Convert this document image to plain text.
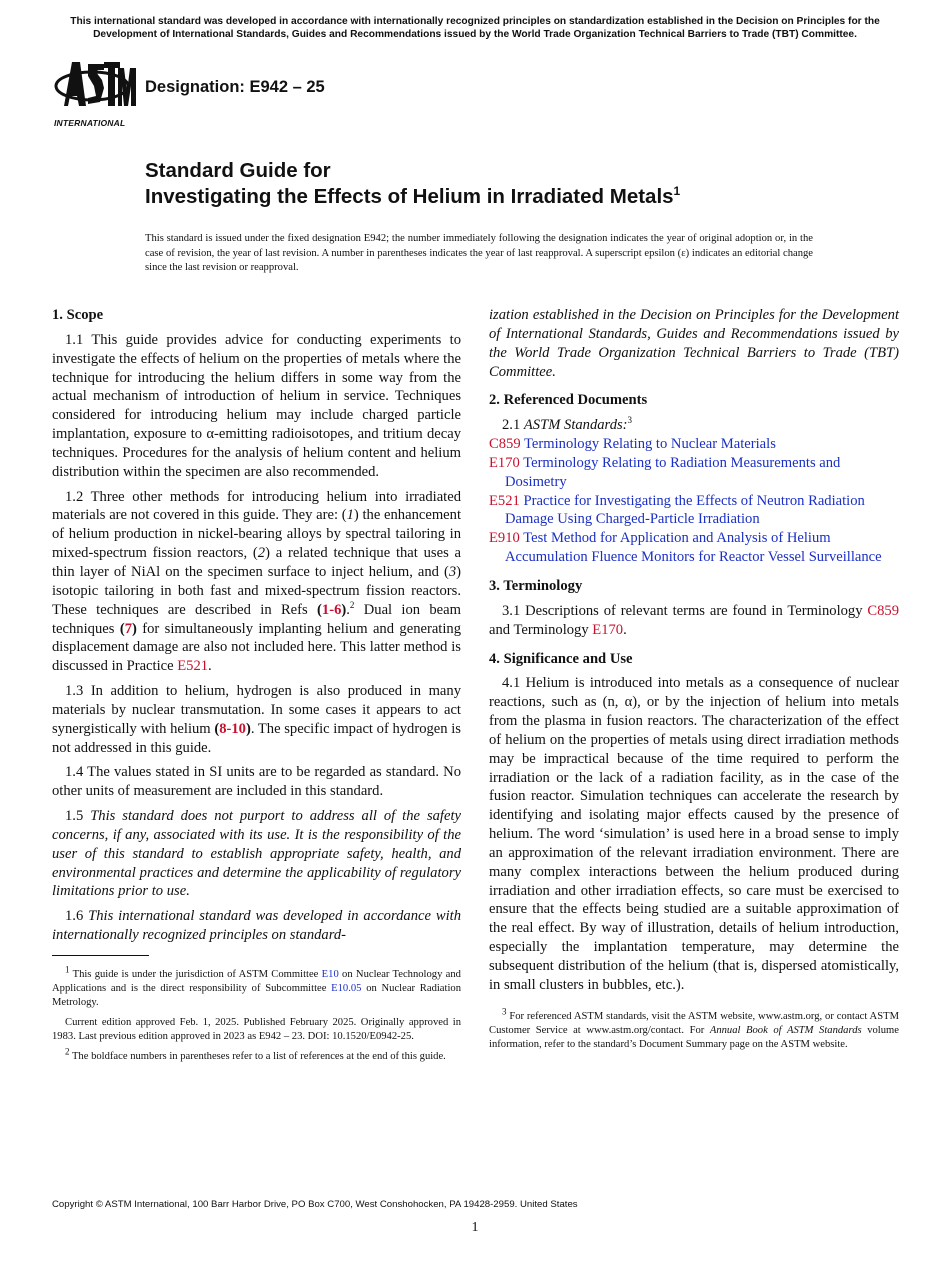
This international standard was developed in accordance with internationally recognized principles on standardization established in the Decision on Principles for the Development of International Standards, Guides and Recommendations issued by the World Trade Organization Technical Barriers to Trade (TBT) Committee.
INTERNATIONAL
Designation: E942 – 25
Standard Guide for
Investigating the Effects of Helium in Irradiated Metals$^1$
This standard is issued under the fixed designation E942; the number immediately following the designation indicates the year of original adoption or, in the case of revision, the year of last revision. A number in parentheses indicates the year of last reapproval. A superscript epsilon (ε) indicates an editorial change since the last revision or reapproval.
1. Scope

1.1 This guide provides advice for conducting experiments to investigate the effects of helium on the properties of metals where the technique for introducing the helium differs in some way from the actual mechanism of introduction of helium in service. Techniques considered for introducing helium may include charged particle implantation, exposure to α-emitting radioisotopes, and tritium decay techniques. Procedures for the analysis of helium content and helium distribution within the specimen are also recommended.

1.2 Three other methods for introducing helium into irradiated materials are not covered in this guide. They are: (1) the enhancement of helium production in nickel-bearing alloys by spectral tailoring in mixed-spectrum fission reactors, (2) a related technique that uses a thin layer of NiAl on the specimen surface to inject helium, and (3) isotopic tailoring in both fast and mixed-spectrum fission reactors. These techniques are described in Refs (1-6).$^2$ Dual ion beam techniques (7) for simultaneously implanting helium and generating displacement damage are also not included here. This latter method is discussed in Practice E521.

1.3 In addition to helium, hydrogen is also produced in many materials by nuclear transmutation. In some cases it appears to act synergistically with helium (8-10). The specific impact of hydrogen is not addressed in this guide.

1.4 The values stated in SI units are to be regarded as standard. No other units of measurement are included in this standard.

1.5 This standard does not purport to address all of the safety concerns, if any, associated with its use. It is the responsibility of the user of this standard to establish appropriate safety, health, and environmental practices and determine the applicability of regulatory limitations prior to use.

1.6 This international standard was developed in accordance with internationally recognized principles on standard-

$^1$ This guide is under the jurisdiction of ASTM Committee E10 on Nuclear Technology and Applications and is the direct responsibility of Subcommittee E10.05 on Nuclear Radiation Metrology.

Current edition approved Feb. 1, 2025. Published February 2025. Originally approved in 1983. Last previous edition approved in 2023 as E942 – 23. DOI: 10.1520/E0942-25.

$^2$ The boldface numbers in parentheses refer to a list of references at the end of this guide.

ization established in the Decision on Principles for the Development of International Standards, Guides and Recommendations issued by the World Trade Organization Technical Barriers to Trade (TBT) Committee.

2. Referenced Documents

2.1 ASTM Standards:$^3$

C859 Terminology Relating to Nuclear Materials
E170 Terminology Relating to Radiation Measurements and Dosimetry
E521 Practice for Investigating the Effects of Neutron Radiation Damage Using Charged-Particle Irradiation
E910 Test Method for Application and Analysis of Helium Accumulation Fluence Monitors for Reactor Vessel Surveillance
3. Terminology

3.1 Descriptions of relevant terms are found in Terminology C859 and Terminology E170.

4. Significance and Use

4.1 Helium is introduced into metals as a consequence of nuclear reactions, such as (n, α), or by the injection of helium into metals from the plasma in fusion reactors. The characterization of the effect of helium on the properties of metals using direct irradiation methods may be impractical because of the time required to perform the irradiation or the lack of a radiation facility, as in the case of the fusion reactor. Simulation techniques can accelerate the research by identifying and isolating major effects caused by the presence of helium. The word ‘simulation’ is used here in a broad sense to imply an approximation of the relevant irradiation environment. There are many complex interactions between the helium produced during irradiation and other irradiation effects, so care must be exercised to ensure that the effects being studied are a suitable approximation of the real effect. By way of illustration, details of helium introduction, especially the implantation temperature, may determine the subsequent distribution of the helium (that is, dispersed atomistically, in small clusters in bubbles, etc.).

$^3$ For referenced ASTM standards, visit the ASTM website, www.astm.org, or contact ASTM Customer Service at www.astm.org/contact. For Annual Book of ASTM Standards volume information, refer to the standard’s Document Summary page on the ASTM website.

Copyright © ASTM International, 100 Barr Harbor Drive, PO Box C700, West Conshohocken, PA 19428-2959. United States
1
